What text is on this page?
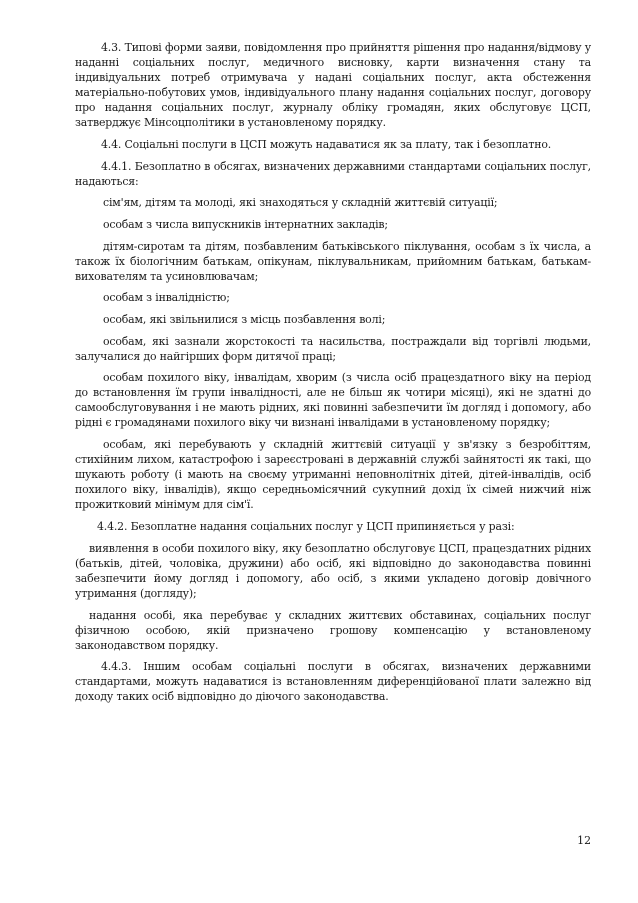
4.3. Типові форми заяви, повідомлення про прийняття рішення про надання/відмову у наданні соціальних послуг, медичного висновку, карти визначення стану та індивідуальних потреб отримувача у надані соціальних послуг, акта обстеження матеріально-побутових умов, індивідуального плану надання соціальних послуг, договору про надання соціальних послуг, журналу обліку громадян, яких обслуговує ЦСП, затверджує Мінсоцполітики в установленому порядку.

4.4. Соціальні послуги в ЦСП можуть надаватися як за плату, так і безоплатно.

4.4.1. Безоплатно в обсягах, визначених державними стандартами соціальних послуг, надаються:

сім'ям, дітям та молоді, які знаходяться у складній життєвій ситуації;

особам з числа випускників інтернатних закладів;

дітям-сиротам та дітям, позбавленим батьківського піклування, особам з їх числа, а також їх біологічним батькам, опікунам, піклувальникам, прийомним батькам, батькам-вихователям та усиновлювачам;

особам з інвалідністю;

особам, які звільнилися з місць позбавлення волі;

особам, які зазнали жорстокості та насильства, постраждали від торгівлі людьми, залучалися до найгірших форм дитячої праці;

особам похилого віку, інвалідам, хворим (з числа осіб працездатного віку на період до встановлення їм групи інвалідності, але не більш як чотири місяці), які не здатні до самообслуговування і не мають рідних, які повинні забезпечити їм догляд і допомогу, або рідні є громадянами похилого віку чи визнані інвалідами в установленому порядку;

особам, які перебувають у складній життєвій ситуації у зв'язку з безробіттям, стихійним лихом, катастрофою і зареєстровані в державній службі зайнятості як такі, що шукають роботу (і мають на своєму утриманні неповнолітніх дітей, дітей-інвалідів, осіб похилого віку, інвалідів), якщо середньомісячний сукупний дохід їх сімей нижчий ніж прожитковий мінімум для сім'ї.

4.4.2. Безоплатне надання соціальних послуг у ЦСП припиняється у разі:

виявлення в особи похилого віку, яку безоплатно обслуговує ЦСП, працездатних рідних (батьків, дітей, чоловіка, дружини) або осіб, які відповідно до законодавства повинні забезпечити йому догляд і допомогу, або осіб, з якими укладено договір довічного утримання (догляду);

надання особі, яка перебуває у складних життєвих обставинах, соціальних послуг фізичною особою, якій призначено грошову компенсацію у встановленому законодавством порядку.

4.4.3. Іншим особам соціальні послуги в обсягах, визначених державними стандартами, можуть надаватися із встановленням диференційованої плати залежно від доходу таких осіб відповідно до діючого законодавства.

12
